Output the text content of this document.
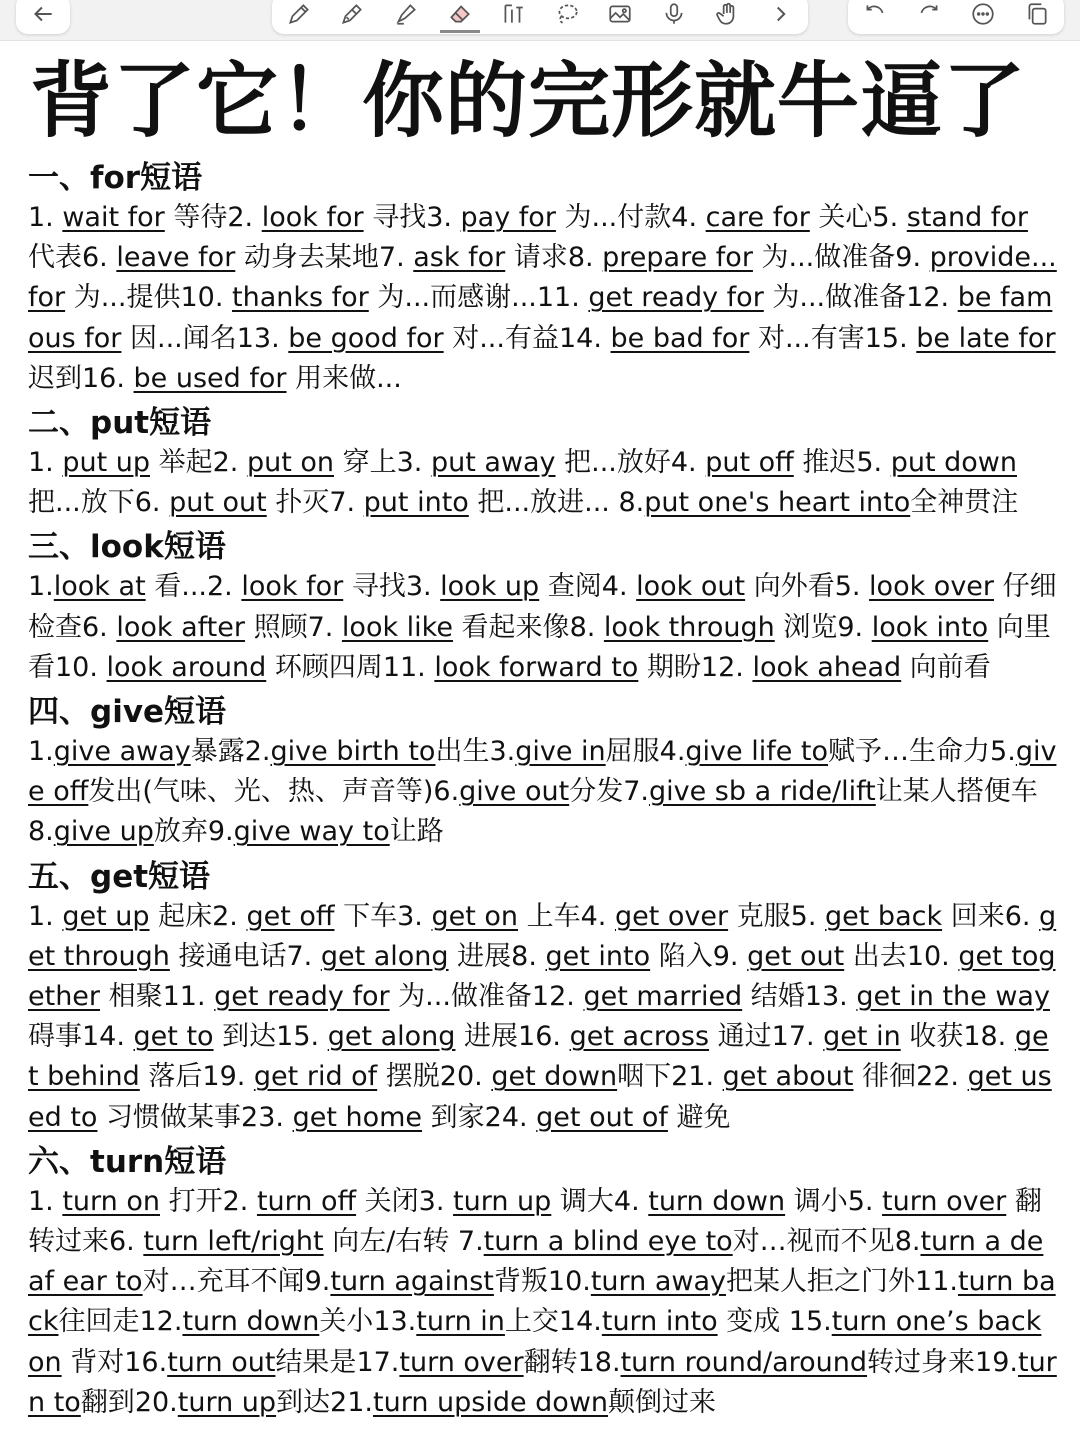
背了它！你的完形就牛逼了
一、for短语

1. wait for 等待2. look for 寻找3. pay for 为...付款4. care for 关心5. stand for 代表6. leave for 动身去某地7. ask for 请求8. prepare for 为...做准备9. provide...for 为...提供10. thanks for 为...而感谢...11. get ready for 为...做准备12. be famous for 因...闻名13. be good for 对...有益14. be bad for 对...有害15. be late for 迟到16. be used for 用来做...

二、put短语

1. put up 举起2. put on 穿上3. put away 把...放好4. put off 推迟5. put down 把...放下6. put out 扑灭7. put into 把...放进... 8.put one's heart into全神贯注

三、look短语

1.look at 看...2. look for 寻找3. look up 查阅4. look out 向外看5. look over 仔细检查6. look after 照顾7. look like 看起来像8. look through 浏览9. look into 向里看10. look around 环顾四周11. look forward to 期盼12. look ahead 向前看

四、give短语

1.give away暴露2.give birth to出生3.give in屈服4.give life to赋予…生命力5.give off发出(气味、光、热、声音等)6.give out分发7.give sb a ride/lift让某人搭便车8.give up放弃9.give way to让路

五、get短语

1. get up 起床2. get off 下车3. get on 上车4. get over 克服5. get back 回来6. get through 接通电话7. get along 进展8. get into 陷入9. get out 出去10. get together 相聚11. get ready for 为...做准备12. get married 结婚13. get in the way 碍事14. get to 到达15. get along 进展16. get across 通过17. get in 收获18. get behind 落后19. get rid of 摆脱20. get down咽下21. get about 徘徊22. get used to 习惯做某事23. get home 到家24. get out of 避免

六、turn短语

1. turn on 打开2. turn off 关闭3. turn up 调大4. turn down 调小5. turn over 翻转过来6. turn left/right 向左/右转 7.turn a blind eye to对…视而不见8.turn a deaf ear to对…充耳不闻9.turn against背叛10.turn away把某人拒之门外11.turn back往回走12.turn down关小13.turn in上交14.turn into 变成 15.turn one’s back on 背对16.turn out结果是17.turn over翻转18.turn round/around转过身来19.turn to翻到20.turn up到达21.turn upside down颠倒过来
